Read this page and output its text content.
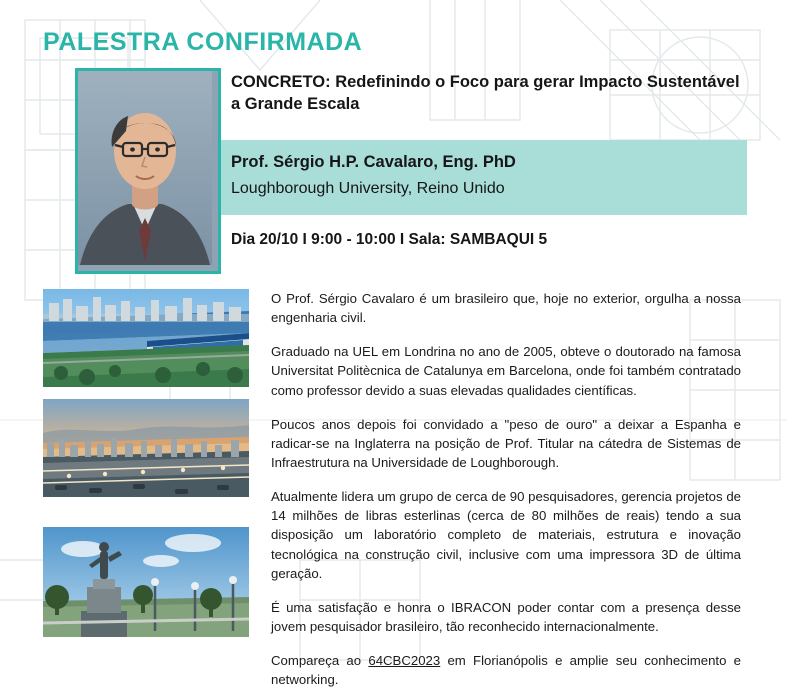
PALESTRA CONFIRMADA
CONCRETO: Redefinindo o Foco para gerar Impacto Sustentável a Grande Escala
Prof. Sérgio H.P. Cavalaro, Eng. PhD
Loughborough University, Reino Unido
Dia 20/10 I 9:00 - 10:00 I Sala: SAMBAQUI 5

O Prof. Sérgio Cavalaro é um brasileiro que, hoje no exterior, orgulha a nossa engenharia civil.

Graduado na UEL em Londrina no ano de 2005, obteve o doutorado na famosa Universitat Politècnica de Catalunya em Barcelona, onde foi também contratado como professor devido a suas elevadas qualidades científicas.

Poucos anos depois foi convidado a "peso de ouro" a deixar a Espanha e radicar-se na Inglaterra na posição de Prof. Titular na cátedra de Sistemas de Infraestrutura na Universidade de Loughborough.

Atualmente lidera um grupo de cerca de 90 pesquisadores, gerencia projetos de 14 milhões de libras esterlinas (cerca de 80 milhões de reais) tendo a sua disposição um laboratório completo de materiais, estrutura e inovação tecnológica na construção civil, inclusive com uma impressora 3D de última geração.

É uma satisfação e honra o IBRACON poder contar com a presença desse jovem pesquisador brasileiro, tão reconhecido internacionalmente.

Compareça ao 64CBC2023 em Florianópolis e amplie seu conhecimento e networking.
